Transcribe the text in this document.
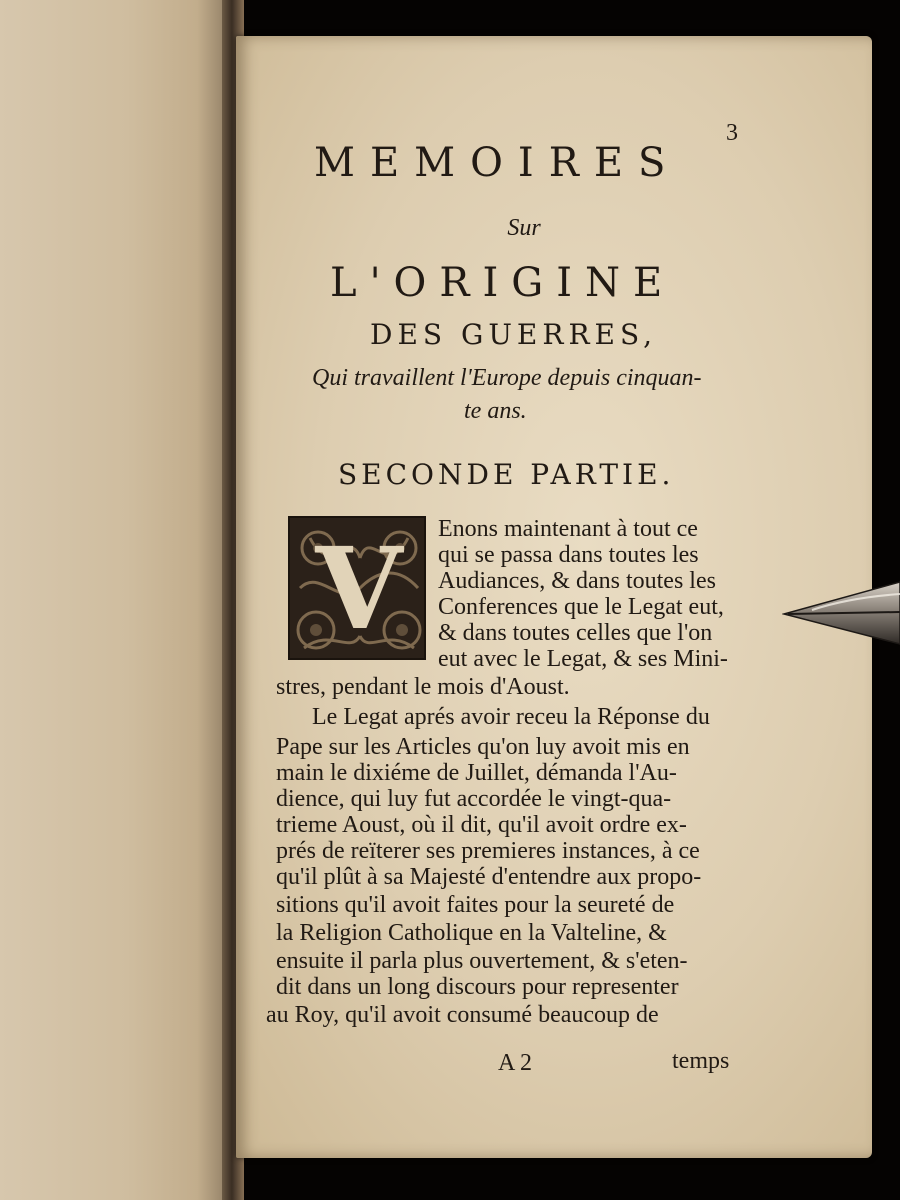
3
MEMOIRES
Sur
L'ORIGINE
DES GUERRES,
Qui travaillent l'Europe depuis cinquan-
te ans.
SECONDE PARTIE.
V	Enons maintenant à tout ce
qui se passa dans toutes les
Audiances, & dans toutes les
Conferences que le Legat eut,
& dans toutes celles que l'on
eut avec le Legat, & ses Mini-
stres, pendant le mois d'Aoust.
Le Legat aprés avoir receu la Réponse du
Pape sur les Articles qu'on luy avoit mis en
main le dixiéme de Juillet, démanda l'Au-
dience, qui luy fut accordée le vingt-qua-
trieme Aoust, où il dit, qu'il avoit ordre ex-
prés de reïterer ses premieres instances, à ce
qu'il plût à sa Majesté d'entendre aux propo-
sitions qu'il avoit faites pour la seureté de
la Religion Catholique en la Valteline, &
ensuite il parla plus ouvertement, & s'eten-
dit dans un long discours pour representer
au Roy, qu'il avoit consumé beaucoup de
A 2	temps
